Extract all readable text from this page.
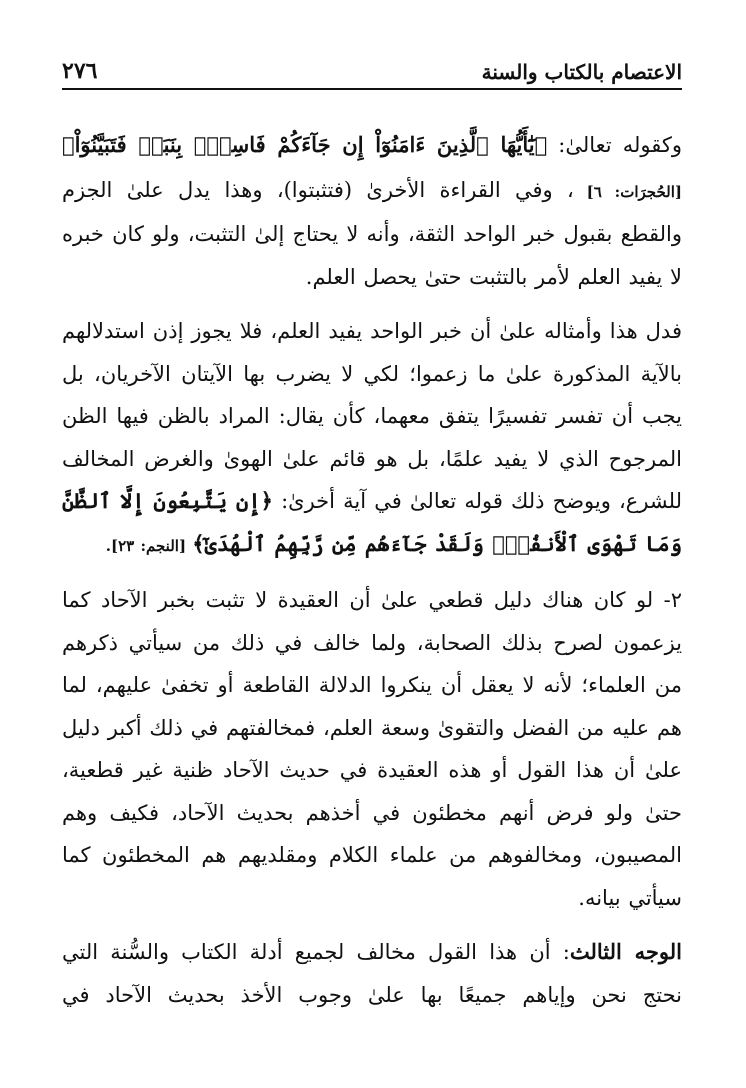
الاعتصام بالكتاب والسنة
٢٧٦

وكقوله تعالىٰ: ﴿يَٰٓأَيُّهَا ٱلَّذِينَ ءَامَنُوٓاْ إِن جَآءَكُمْ فَاسِقُۢ بِنَبَإٖ فَتَبَيَّنُوٓاْ﴾ [الحُجرَات: ٦] ، وفي القراءة الأخرىٰ (فتثبتوا)، وهذا يدل علىٰ الجزم والقطع بقبول خبر الواحد الثقة، وأنه لا يحتاج إلىٰ التثبت، ولو كان خبره لا يفيد العلم لأمر بالتثبت حتىٰ يحصل العلم.

فدل هذا وأمثاله علىٰ أن خبر الواحد يفيد العلم، فلا يجوز إذن استدلالهم بالآية المذكورة علىٰ ما زعموا؛ لكي لا يضرب بها الآيتان الآخريان، بل يجب أن تفسر تفسيرًا يتفق معهما، كأن يقال: المراد بالظن فيها الظن المرجوح الذي لا يفيد علمًا، بل هو قائم علىٰ الهوىٰ والغرض المخالف للشرع، ويوضح ذلك قوله تعالىٰ في آية أخرىٰ: ﴿إِن يَتَّبِعُونَ إِلَّا ٱلظَّنَّ وَمَا تَهْوَى ٱلْأَنفُسُۖ وَلَقَدْ جَآءَهُم مِّن رَّبِّهِمُ ٱلْهُدَىٰٓ﴾ [النجم: ٢٣].

٢- لو كان هناك دليل قطعي علىٰ أن العقيدة لا تثبت بخبر الآحاد كما يزعمون لصرح بذلك الصحابة، ولما خالف في ذلك من سيأتي ذكرهم من العلماء؛ لأنه لا يعقل أن ينكروا الدلالة القاطعة أو تخفىٰ عليهم، لما هم عليه من الفضل والتقوىٰ وسعة العلم، فمخالفتهم في ذلك أكبر دليل علىٰ أن هذا القول أو هذه العقيدة في حديث الآحاد ظنية غير قطعية، حتىٰ ولو فرض أنهم مخطئون في أخذهم بحديث الآحاد، فكيف وهم المصيبون، ومخالفوهم من علماء الكلام ومقلديهم هم المخطئون كما سيأتي بيانه.

الوجه الثالث: أن هذا القول مخالف لجميع أدلة الكتاب والسُّنة التي نحتج نحن وإياهم جميعًا بها علىٰ وجوب الأخذ بحديث الآحاد في
